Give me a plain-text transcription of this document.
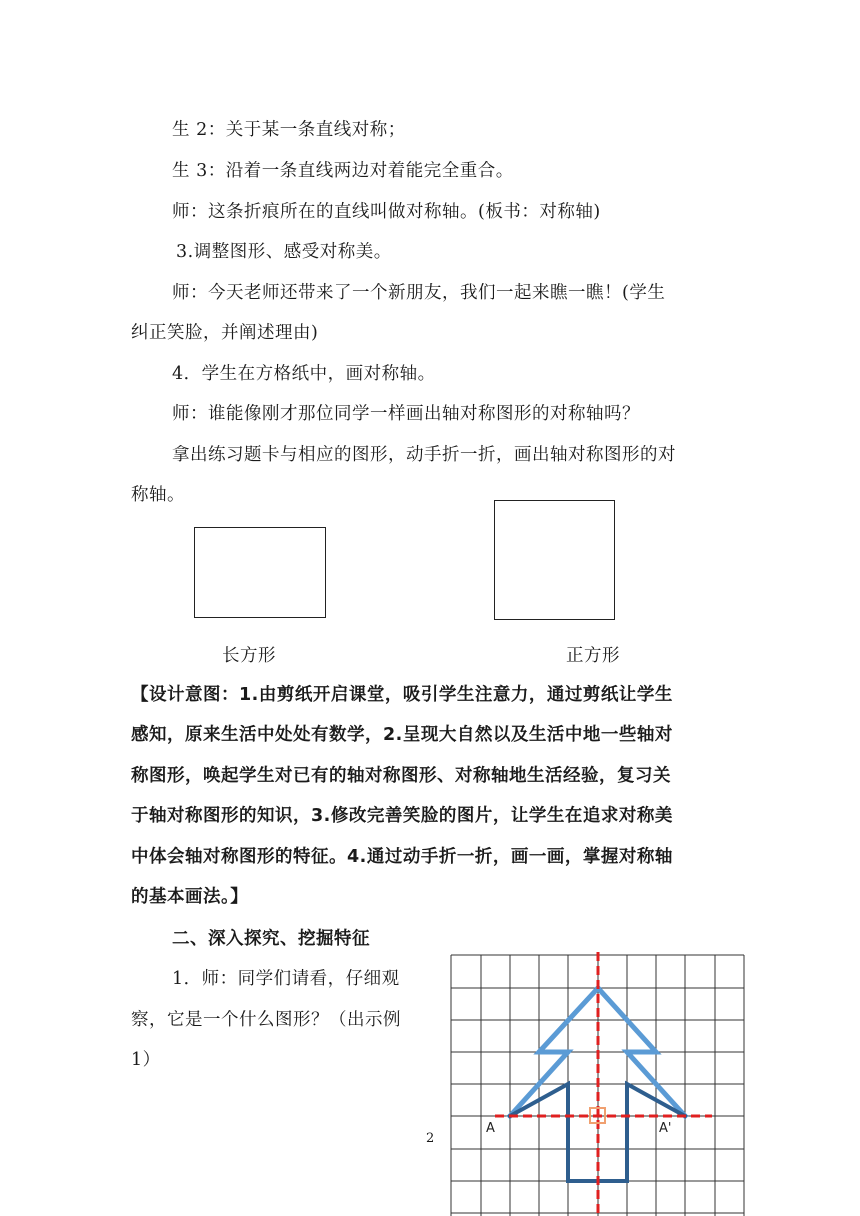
生 2：关于某一条直线对称；
生 3：沿着一条直线两边对着能完全重合。
师：这条折痕所在的直线叫做对称轴。(板书：对称轴)
3.调整图形、感受对称美。
师：今天老师还带来了一个新朋友，我们一起来瞧一瞧！(学生
纠正笑脸，并阐述理由)
4．学生在方格纸中，画对称轴。
师：谁能像刚才那位同学一样画出轴对称图形的对称轴吗？
拿出练习题卡与相应的图形，动手折一折，画出轴对称图形的对
称轴。
长方形	正方形
【设计意图：1.由剪纸开启课堂，吸引学生注意力，通过剪纸让学生
感知，原来生活中处处有数学，2.呈现大自然以及生活中地一些轴对
称图形，唤起学生对已有的轴对称图形、对称轴地生活经验，复习关
于轴对称图形的知识，3.修改完善笑脸的图片，让学生在追求对称美
中体会轴对称图形的特征。4.通过动手折一折，画一画，掌握对称轴
的基本画法。】
二、深入探究、挖掘特征
1．师：同学们请看，仔细观
察，它是一个什么图形？（出示例
1）
2
A	A'
